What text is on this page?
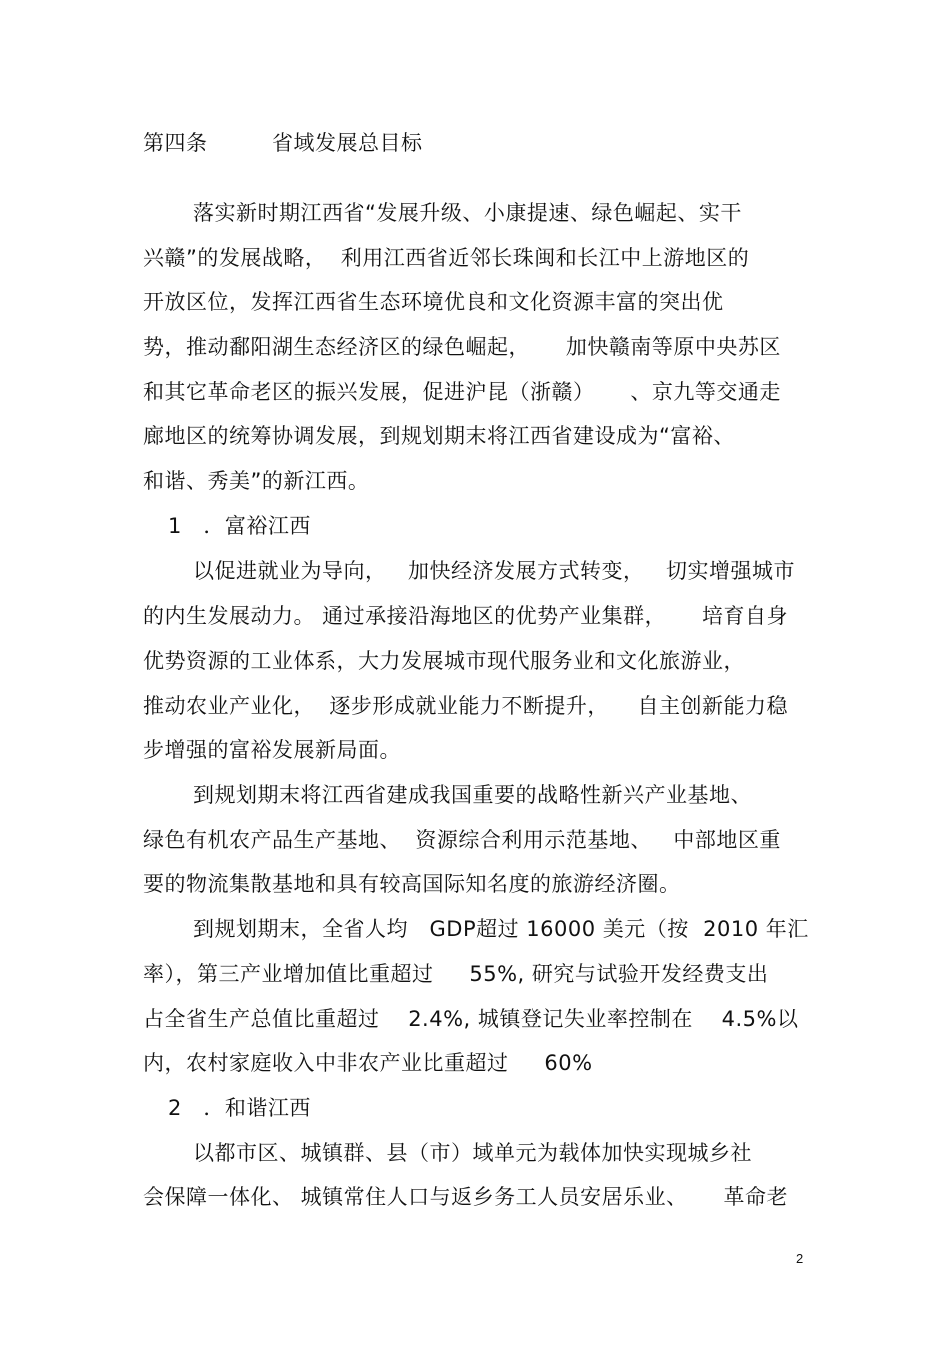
第四条　　　省域发展总目标

落实新时期江西省“发展升级、小康提速、绿色崛起、实干

兴赣”的发展战略，  利用江西省近邻长珠闽和长江中上游地区的

开放区位，发挥江西省生态环境优良和文化资源丰富的突出优

势，推动鄱阳湖生态经济区的绿色崛起，     加快赣南等原中央苏区

和其它革命老区的振兴发展，促进沪昆（浙赣）     、京九等交通走

廊地区的统筹协调发展，到规划期末将江西省建设成为“富裕、

和谐、秀美”的新江西。

1　．富裕江西

以促进就业为导向，   加快经济发展方式转变，   切实增强城市

的内生发展动力。 通过承接沿海地区的优势产业集群，     培育自身

优势资源的工业体系，大力发展城市现代服务业和文化旅游业，

推动农业产业化，  逐步形成就业能力不断提升，    自主创新能力稳

步增强的富裕发展新局面。

到规划期末将江西省建成我国重要的战略性新兴产业基地、

绿色有机农产品生产基地、  资源综合利用示范基地、   中部地区重

要的物流集散基地和具有较高国际知名度的旅游经济圈。

到规划期末，全省人均   GDP超过 16000 美元（按  2010 年汇

率），第三产业增加值比重超过     55%, 研究与试验开发经费支出

占全省生产总值比重超过    2.4%, 城镇登记失业率控制在    4.5%以

内，农村家庭收入中非农产业比重超过     60%

2　．和谐江西

以都市区、城镇群、县（市）域单元为载体加快实现城乡社

会保障一体化、 城镇常住人口与返乡务工人员安居乐业、     革命老

2
